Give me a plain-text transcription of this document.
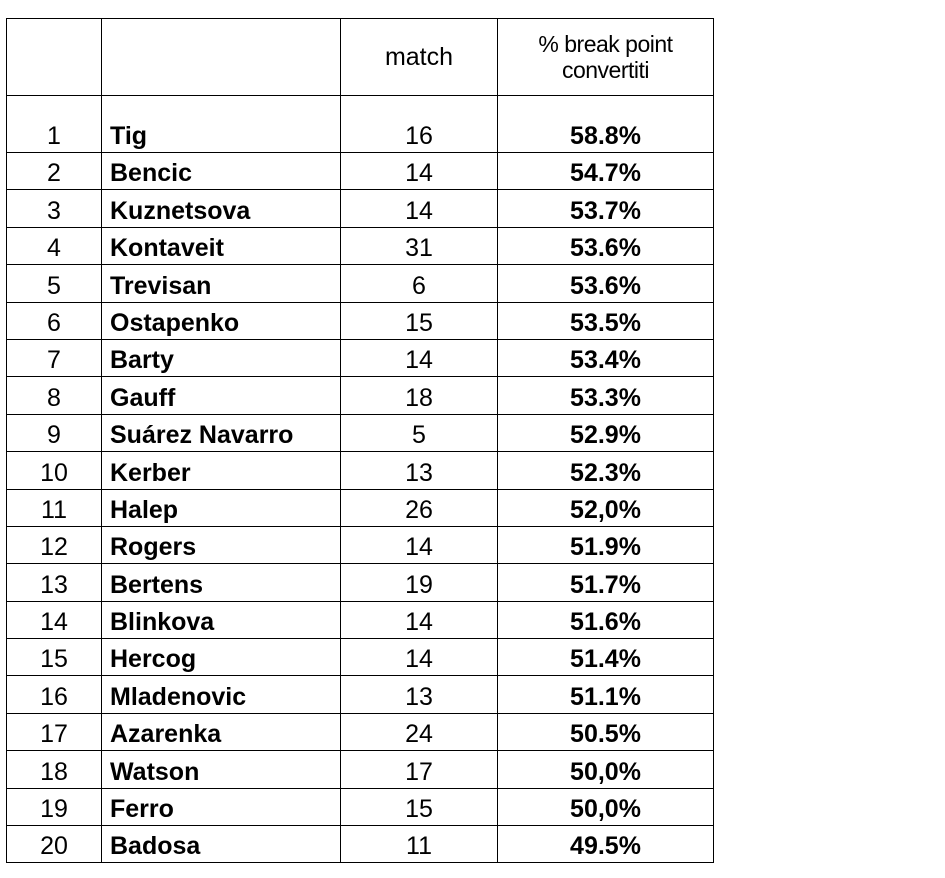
		match	% break point
convertiti

1	Tig	16	58.8%
2	Bencic	14	54.7%
3	Kuznetsova	14	53.7%
4	Kontaveit	31	53.6%
5	Trevisan	6	53.6%
6	Ostapenko	15	53.5%
7	Barty	14	53.4%
8	Gauff	18	53.3%
9	Suárez Navarro	5	52.9%
10	Kerber	13	52.3%
11	Halep	26	52,0%
12	Rogers	14	51.9%
13	Bertens	19	51.7%
14	Blinkova	14	51.6%
15	Hercog	14	51.4%
16	Mladenovic	13	51.1%
17	Azarenka	24	50.5%
18	Watson	17	50,0%
19	Ferro	15	50,0%
20	Badosa	11	49.5%
